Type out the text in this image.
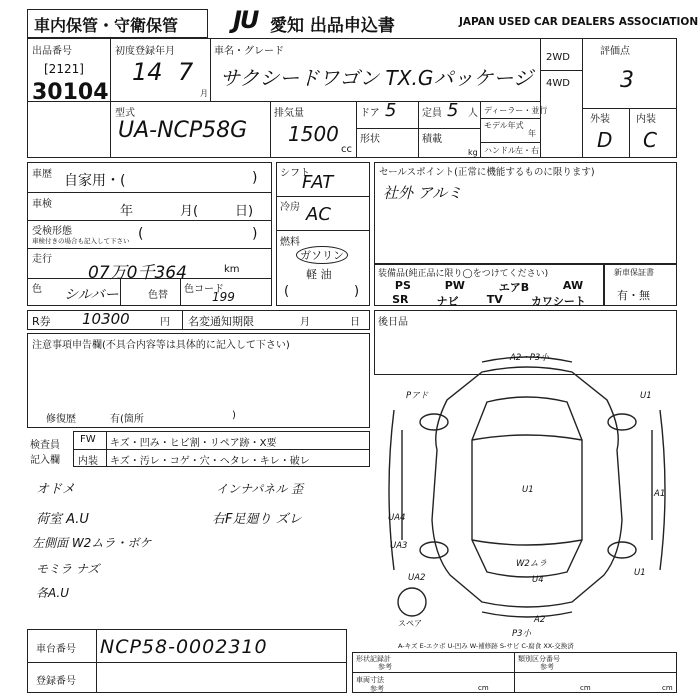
車内保管・守衛保管 JU 愛知 出品申込書	JAPAN USED CAR DEALERS ASSOCIATION
出品番号
[2121]
30104
初度登録年月
14 7
月
車名・グレード
サクシードワゴン TX.Gパッケージ
2WD
4WD
評価点
3
型式
UA-NCP58G
排気量
1500
cc
ドア 5	定員 5 人
形状	積載
kg
ディーラー・並行
モデル年式
年
ハンドル 左・右
外装	内装
D C
車歴 自家用・(	)
車検	年	月(	日)
受検形態
車検付きの場合も記入して下さい (	)
走行
07万0千364	km
色 シルバー	色替
色コード
199
シフト
FAT
冷房 AC
燃料
ガソリン
軽 油
(	)
セールスポイント(正常に機能するものに限ります)
社外 アルミ
装備品(純正品に限り◯をつけてください)
PS	PW	エアB	AW
SR	ナビ	TV	カワシート
新車保証書
有・無
R券 10300	円 名変通知期限	月	日
注意事項申告欄(不具合内容等は具体的に記入して下さい)
修復歴	有(箇所	)
後日品
検査員
記入欄
FW キズ・凹み・ヒビ割・リペア跡・X要
内装 キズ・汚レ・コゲ・穴・ヘタレ・キレ・破レ
オドメ	インナパネル 歪
荷室 A.U	右F足廻り ズレ
左側面 W2ムラ・ボケ
モミラ ナズ
各A.U
A2・P3小
Pアド	U1
A1
U1
UA4
UA3
UA2	U1
W2ムラ
U4
A2
P3小
スペア
A-キズ E-エクボ U-凹み W-補修跡 S-サビ C-腐食 XX-交換済
車台番号 NCP58-0002310
登録番号
形状記録計
参考
類別区分番号
参考
車両寸法
参考	cm	cm	cm
